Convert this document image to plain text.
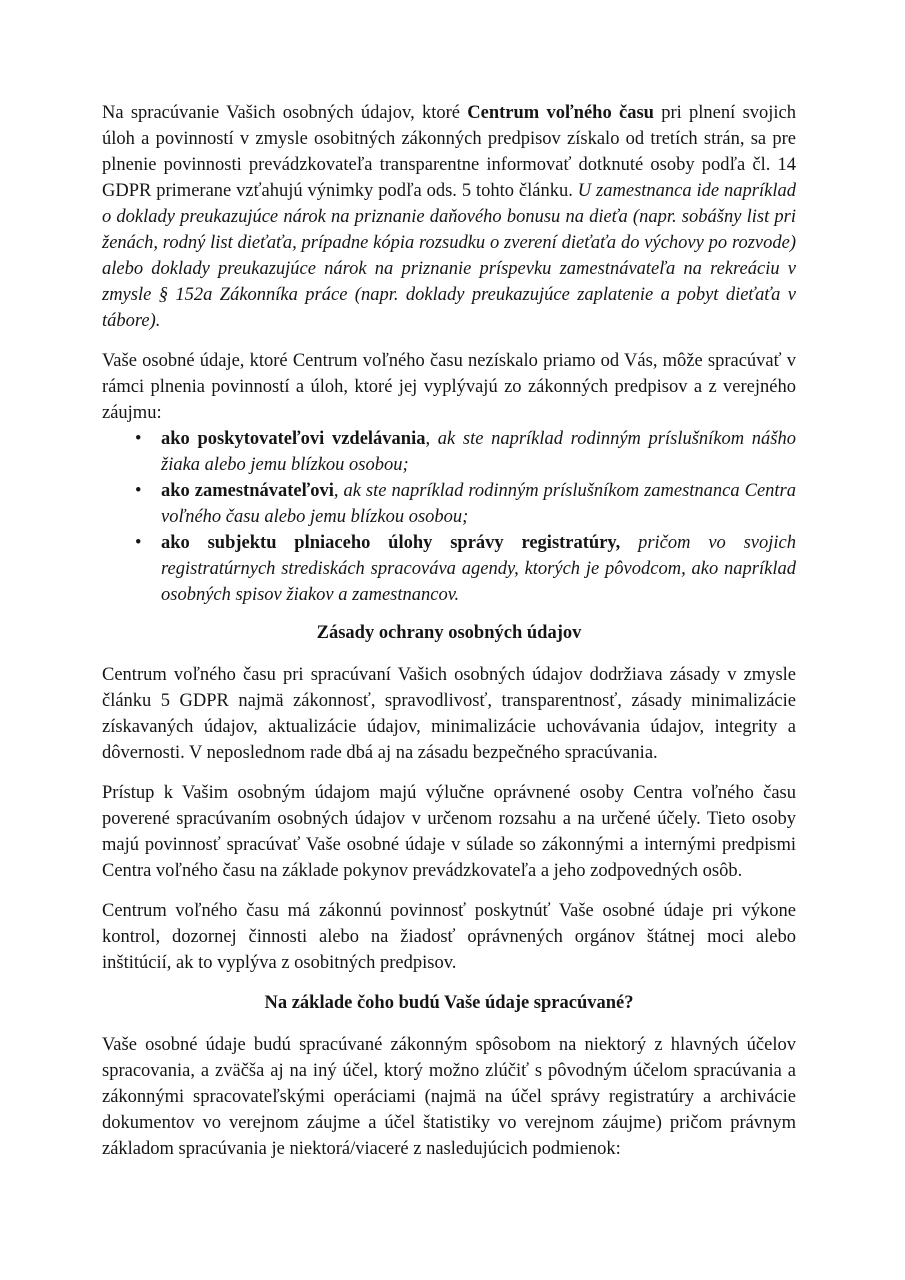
Na spracúvanie Vašich osobných údajov, ktoré Centrum voľného času pri plnení svojich úloh a povinností v zmysle osobitných zákonných predpisov získalo od tretích strán, sa pre plnenie povinnosti prevádzkovateľa transparentne informovať dotknuté osoby podľa čl. 14 GDPR primerane vzťahujú výnimky podľa ods. 5 tohto článku. U zamestnanca ide napríklad o doklady preukazujúce nárok na priznanie daňového bonusu na dieťa (napr. sobášny list pri ženách, rodný list dieťaťa, prípadne kópia rozsudku o zverení dieťaťa do výchovy po rozvode) alebo doklady preukazujúce nárok na priznanie príspevku zamestnávateľa na rekreáciu v zmysle § 152a Zákonníka práce (napr. doklady preukazujúce zaplatenie a pobyt dieťaťa v tábore).
Vaše osobné údaje, ktoré Centrum voľného času nezískalo priamo od Vás, môže spracúvať v rámci plnenia povinností a úloh, ktoré jej vyplývajú zo zákonných predpisov a z verejného záujmu:
• ako poskytovateľovi vzdelávania, ak ste napríklad rodinným príslušníkom nášho žiaka alebo jemu blízkou osobou;
• ako zamestnávateľovi, ak ste napríklad rodinným príslušníkom zamestnanca Centra voľného času alebo jemu blízkou osobou;
• ako subjektu plniaceho úlohy správy registratúry, pričom vo svojich registratúrnych strediskách spracováva agendy, ktorých je pôvodcom, ako napríklad osobných spisov žiakov a zamestnancov.
Zásady ochrany osobných údajov
Centrum voľného času pri spracúvaní Vašich osobných údajov dodržiava zásady v zmysle článku 5 GDPR najmä zákonnosť, spravodlivosť, transparentnosť, zásady minimalizácie získavaných údajov, aktualizácie údajov, minimalizácie uchovávania údajov, integrity a dôvernosti. V neposlednom rade dbá aj na zásadu bezpečného spracúvania.
Prístup k Vašim osobným údajom majú výlučne oprávnené osoby Centra voľného času poverené spracúvaním osobných údajov v určenom rozsahu a na určené účely. Tieto osoby majú povinnosť spracúvať Vaše osobné údaje v súlade so zákonnými a internými predpismi Centra voľného času na základe pokynov prevádzkovateľa a jeho zodpovedných osôb.
Centrum voľného času má zákonnú povinnosť poskytnúť Vaše osobné údaje pri výkone kontrol, dozornej činnosti alebo na žiadosť oprávnených orgánov štátnej moci alebo inštitúcií, ak to vyplýva z osobitných predpisov.
Na základe čoho budú Vaše údaje spracúvané?
Vaše osobné údaje budú spracúvané zákonným spôsobom na niektorý z hlavných účelov spracovania, a zväčša aj na iný účel, ktorý možno zlúčiť s pôvodným účelom spracúvania a zákonnými spracovateľskými operáciami (najmä na účel správy registratúry a archivácie dokumentov vo verejnom záujme a účel štatistiky vo verejnom záujme) pričom právnym základom spracúvania je niektorá/viaceré z nasledujúcich podmienok:
